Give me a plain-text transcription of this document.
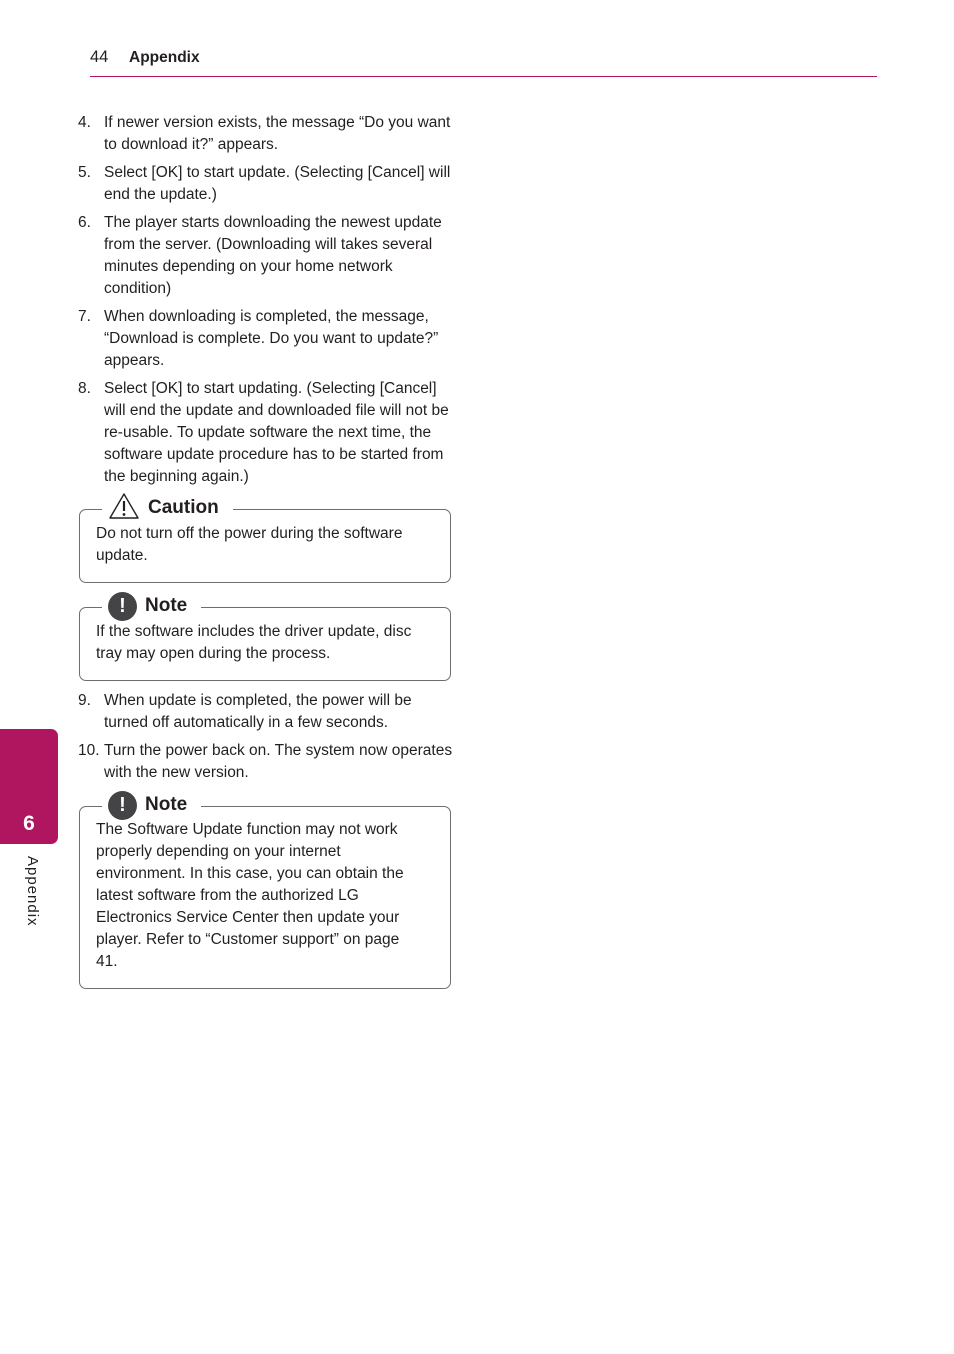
44 Appendix
4. If newer version exists, the message “Do you want to download it?” appears.
5. Select [OK] to start update. (Selecting [Cancel] will end the update.)
6. The player starts downloading the newest update from the server. (Downloading will takes several minutes depending on your home network condition)
7. When downloading is completed, the message, “Download is complete. Do you want to update?” appears.
8. Select [OK] to start updating. (Selecting [Cancel] will end the update and downloaded file will not be re-usable. To update software the next time, the software update procedure has to be started from the beginning again.)
Caution
Do not turn off the power during the software update.
!	Note
If the software includes the driver update, disc tray may open during the process.
9. When update is completed, the power will be turned off automatically in a few seconds.
10. Turn the power back on. The system now operates with the new version.
!	Note
The Software Update function may not work properly depending on your internet environment. In this case, you can obtain the latest software from the authorized LG Electronics Service Center then update your player. Refer to “Customer support” on page 41.
6
Appendix
